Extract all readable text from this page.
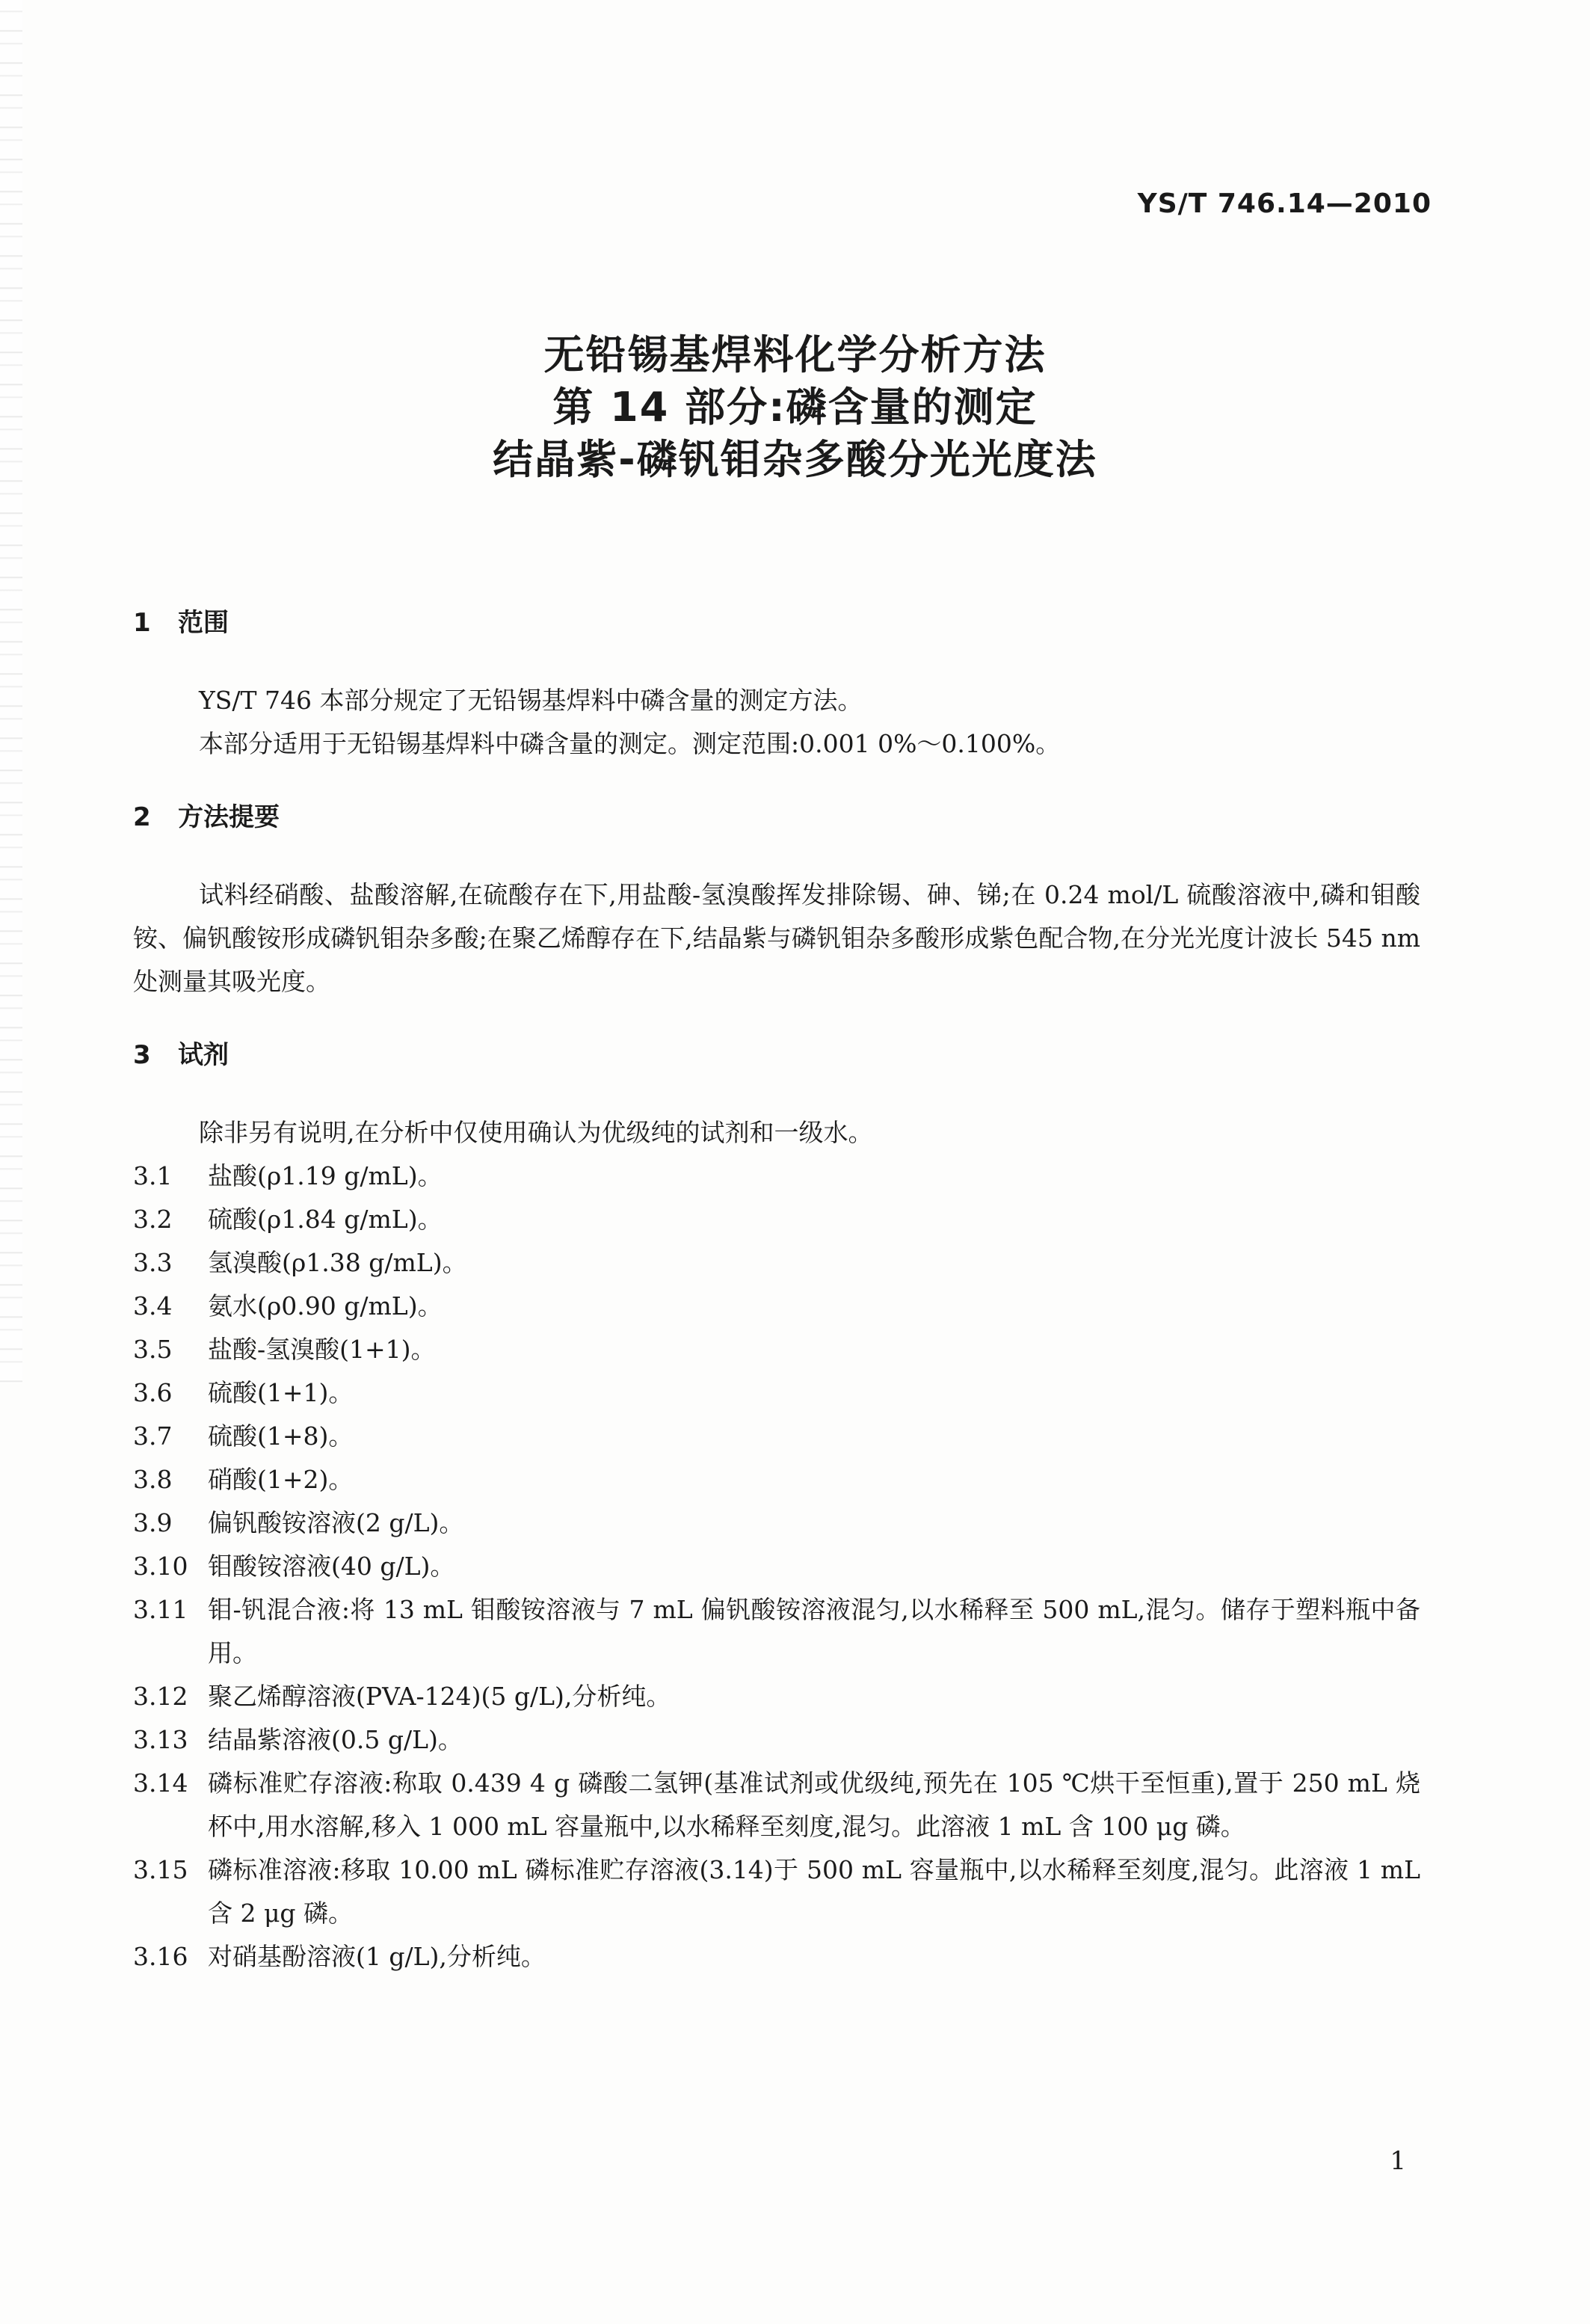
YS/T 746.14—2010
无铅锡基焊料化学分析方法
第 14 部分:磷含量的测定
结晶紫-磷钒钼杂多酸分光光度法
1	范围
YS/T 746 本部分规定了无铅锡基焊料中磷含量的测定方法。
本部分适用于无铅锡基焊料中磷含量的测定。测定范围:0.001 0%～0.100%。
2	方法提要
试料经硝酸、盐酸溶解,在硫酸存在下,用盐酸-氢溴酸挥发排除锡、砷、锑;在 0.24 mol/L 硫酸溶液中,磷和钼酸铵、偏钒酸铵形成磷钒钼杂多酸;在聚乙烯醇存在下,结晶紫与磷钒钼杂多酸形成紫色配合物,在分光光度计波长 545 nm 处测量其吸光度。
3	试剂
除非另有说明,在分析中仅使用确认为优级纯的试剂和一级水。
3.1	盐酸(ρ1.19 g/mL)。
3.2	硫酸(ρ1.84 g/mL)。
3.3	氢溴酸(ρ1.38 g/mL)。
3.4	氨水(ρ0.90 g/mL)。
3.5	盐酸-氢溴酸(1+1)。
3.6	硫酸(1+1)。
3.7	硫酸(1+8)。
3.8	硝酸(1+2)。
3.9	偏钒酸铵溶液(2 g/L)。
3.10 钼酸铵溶液(40 g/L)。
3.11 钼-钒混合液:将 13 mL 钼酸铵溶液与 7 mL 偏钒酸铵溶液混匀,以水稀释至 500 mL,混匀。储存于塑料瓶中备用。
3.12 聚乙烯醇溶液(PVA-124)(5 g/L),分析纯。
3.13 结晶紫溶液(0.5 g/L)。
3.14 磷标准贮存溶液:称取 0.439 4 g 磷酸二氢钾(基准试剂或优级纯,预先在 105 ℃烘干至恒重),置于 250 mL 烧杯中,用水溶解,移入 1 000 mL 容量瓶中,以水稀释至刻度,混匀。此溶液 1 mL 含 100 μg 磷。
3.15 磷标准溶液:移取 10.00 mL 磷标准贮存溶液(3.14)于 500 mL 容量瓶中,以水稀释至刻度,混匀。此溶液 1 mL 含 2 μg 磷。
3.16 对硝基酚溶液(1 g/L),分析纯。
1
